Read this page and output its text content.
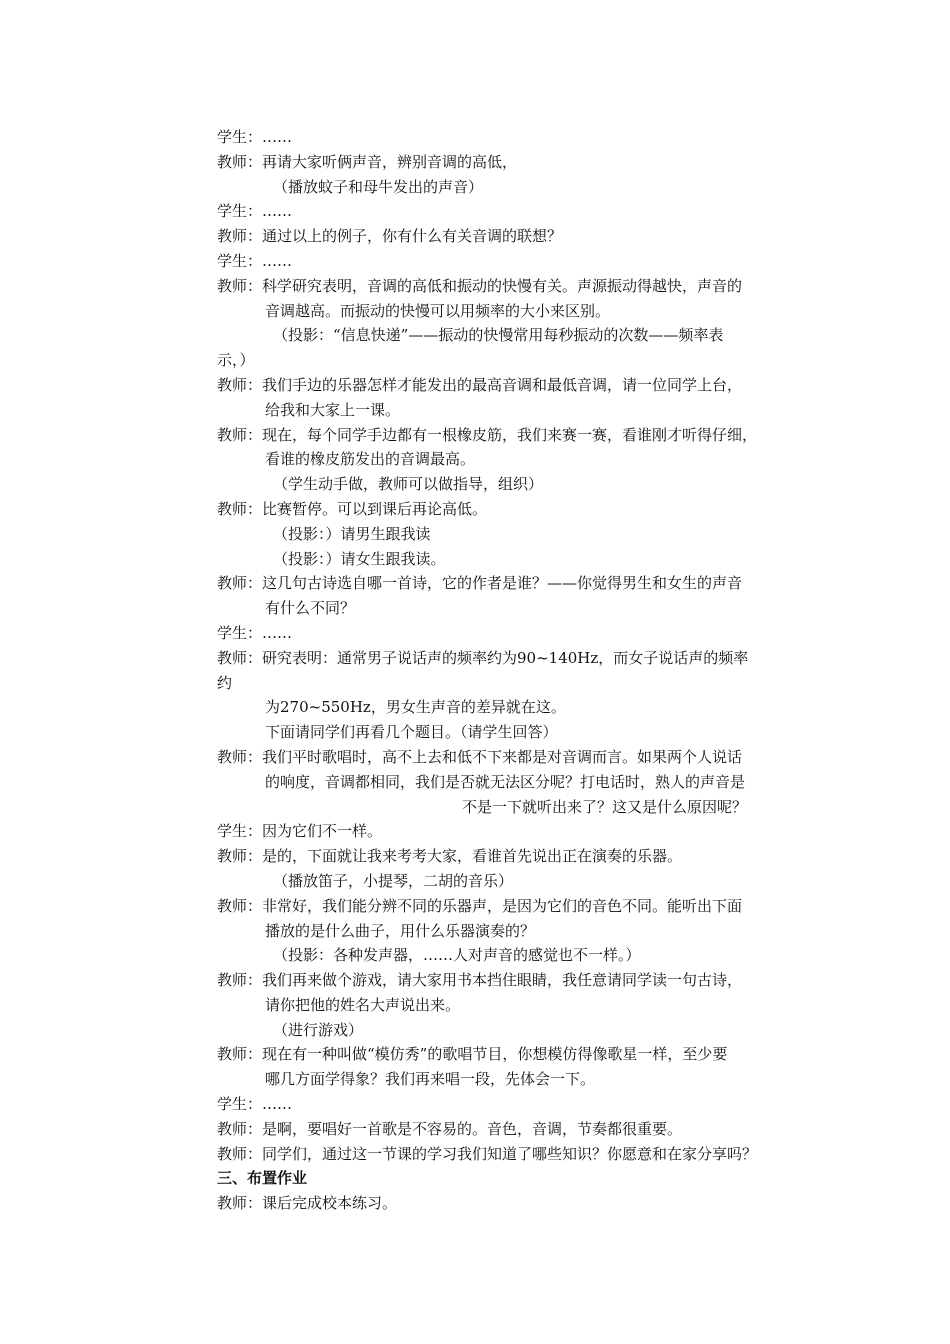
学生：……
教师：再请大家听俩声音，辨别音调的高低，
（播放蚊子和母牛发出的声音）
学生：……
教师：通过以上的例子，你有什么有关音调的联想？
学生：……
教师：科学研究表明，音调的高低和振动的快慢有关。声源振动得越快，声音的
音调越高。而振动的快慢可以用频率的大小来区别。
（投影：“信息快递”——振动的快慢常用每秒振动的次数——频率表
示，）
教师：我们手边的乐器怎样才能发出的最高音调和最低音调，请一位同学上台，
给我和大家上一课。
教师：现在，每个同学手边都有一根橡皮筋，我们来赛一赛，看谁刚才听得仔细，
看谁的橡皮筋发出的音调最高。
（学生动手做，教师可以做指导，组织）
教师：比赛暂停。可以到课后再论高低。
（投影：）请男生跟我读
（投影：）请女生跟我读。
教师：这几句古诗选自哪一首诗，它的作者是谁？——你觉得男生和女生的声音
有什么不同？
学生：……
教师：研究表明：通常男子说话声的频率约为90~140Hz，而女子说话声的频率
约
为270~550Hz，男女生声音的差异就在这。
下面请同学们再看几个题目。（请学生回答）
教师：我们平时歌唱时，高不上去和低不下来都是对音调而言。如果两个人说话
的响度，音调都相同，我们是否就无法区分呢？打电话时，熟人的声音是
不是一下就听出来了？这又是什么原因呢？
学生：因为它们不一样。
教师：是的，下面就让我来考考大家，看谁首先说出正在演奏的乐器。
（播放笛子，小提琴，二胡的音乐）
教师：非常好，我们能分辨不同的乐器声，是因为它们的音色不同。能听出下面
播放的是什么曲子，用什么乐器演奏的？
（投影：各种发声器，……人对声音的感觉也不一样。）
教师：我们再来做个游戏，请大家用书本挡住眼睛，我任意请同学读一句古诗，
请你把他的姓名大声说出来。
（进行游戏）
教师：现在有一种叫做“模仿秀”的歌唱节目，你想模仿得像歌星一样，至少要
哪几方面学得象？我们再来唱一段，先体会一下。
学生：……
教师：是啊，要唱好一首歌是不容易的。音色，音调，节奏都很重要。
教师：同学们，通过这一节课的学习我们知道了哪些知识？你愿意和在家分享吗？
三、布置作业
教师：课后完成校本练习。
